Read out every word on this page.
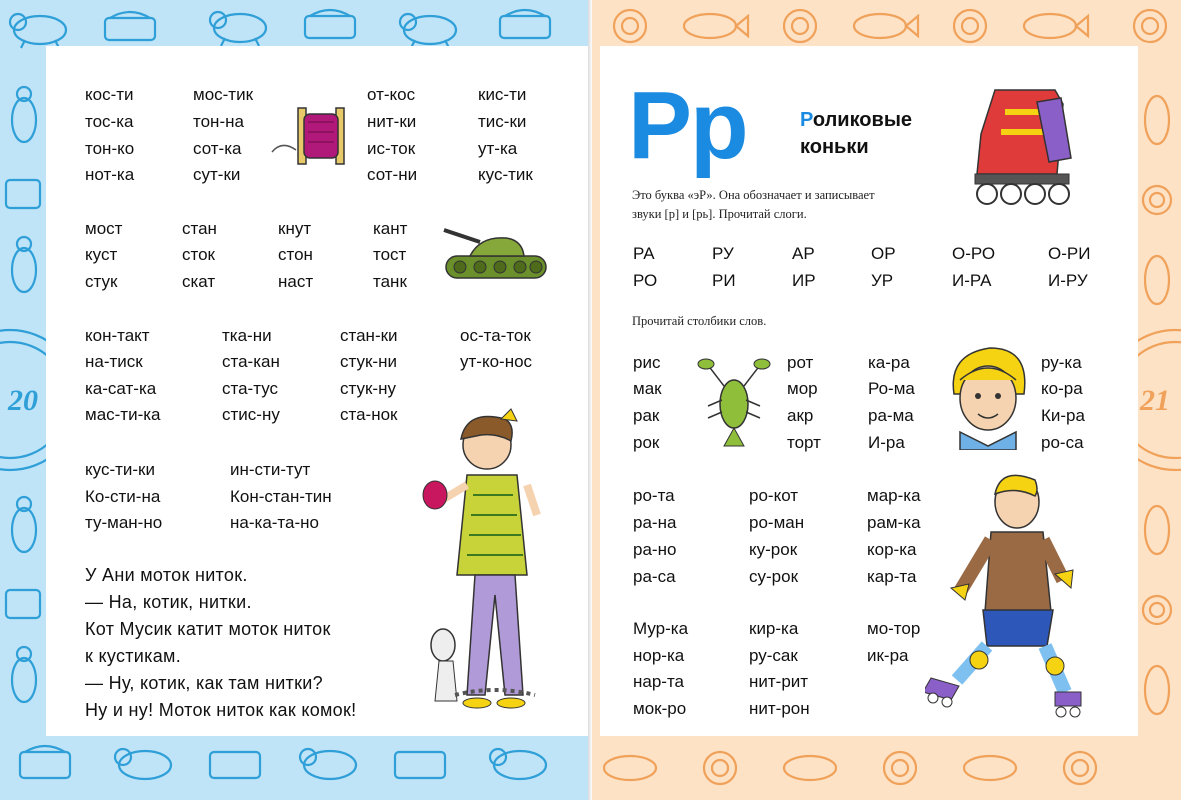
20	21
кос-ти	мос-тик	от-кос	кис-ти
тос-ка	тон-на	нит-ки	тис-ки
тон-ко	сот-ка	ис-ток	ут-ка
нот-ка	сут-ки	сот-ни	кус-тик
мост	стан	кнут	кант
куст	сток	стон	тост
стук	скат	наст	танк
кон-такт	тка-ни	стан-ки	ос-та-ток
на-тиск	ста-кан	стук-ни	ут-ко-нос
ка-сат-ка	ста-тус	стук-ну
мас-ти-ка	стис-ну	ста-нок
кус-ти-ки	ин-сти-тут
Ко-сти-на	Кон-стан-тин
ту-ман-но	на-ка-та-но
У Ани моток ниток.
— На, котик, нитки.
Кот Мусик катит моток ниток
к кустикам.
— Ну, котик, как там нитки?
Ну и ну! Моток ниток как комок!
Рр	Роликовые
коньки
Это буква «эР». Она обозначает и записывает
звуки [р] и [рь]. Прочитай слоги.
РА	РУ	АР	ОР	О-РО	О-РИ
РО	РИ	ИР	УР	И-РА	И-РУ
Прочитай столбики слов.
рис	рот	ка-ра	ру-ка
мак	мор	Ро-ма	ко-ра
рак	акр	ра-ма	Ки-ра
рок	торт	И-ра	ро-са
ро-та	ро-кот	мар-ка
ра-на	ро-ман	рам-ка
ра-но	ку-рок	кор-ка
ра-са	су-рок	кар-та
Мур-ка	кир-ка	мо-тор
нор-ка	ру-сак	ик-ра
нар-та	нит-рит
мок-ро	нит-рон
